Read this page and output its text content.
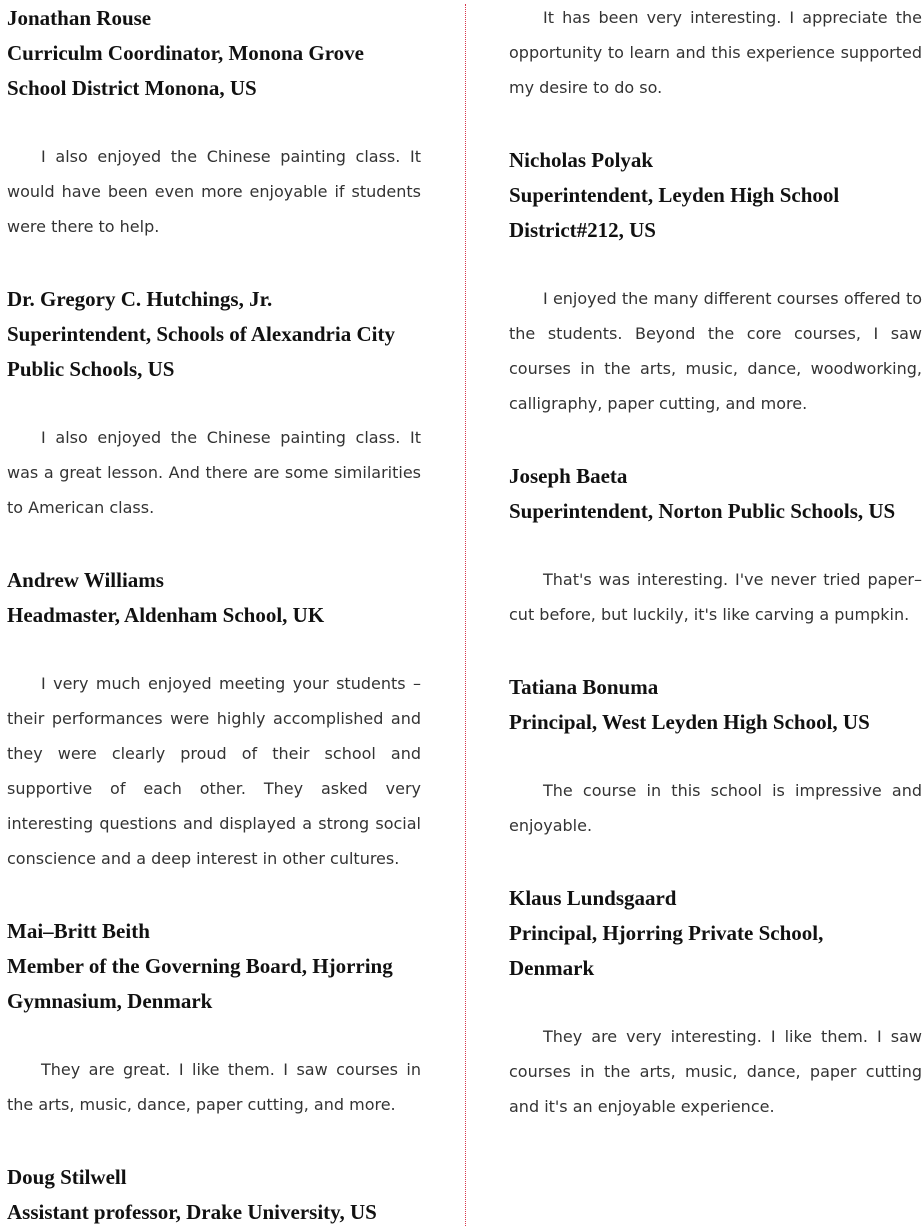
Jonathan Rouse
Curriculm Coordinator, Monona Grove
School District Monona, US

I also enjoyed the Chinese painting class. It would have been even more enjoyable if students were there to help.

Dr. Gregory C. Hutchings, Jr.
Superintendent, Schools of Alexandria City
Public Schools, US

I also enjoyed the Chinese painting class. It was a great lesson. And there are some similarities to American class.

Andrew Williams
Headmaster, Aldenham School, UK

I very much enjoyed meeting your students – their performances were highly accomplished and they were clearly proud of their school and supportive of each other. They asked very interesting questions and displayed a strong social conscience and a deep interest in other cultures.

Mai–Britt Beith
Member of the Governing Board, Hjorring
Gymnasium, Denmark

They are great. I like them. I saw courses in the arts, music, dance, paper cutting, and more.

Doug Stilwell
Assistant professor, Drake University, US

It has been very interesting. I appreciate the opportunity to learn and this experience supported my desire to do so.

Nicholas Polyak
Superintendent, Leyden High School
District#212, US

I enjoyed the many different courses offered to the students. Beyond the core courses, I saw courses in the arts, music, dance, woodworking, calligraphy, paper cutting, and more.

Joseph Baeta
Superintendent, Norton Public Schools, US

That's was interesting. I've never tried paper–cut before, but luckily, it's like carving a pumpkin.

Tatiana Bonuma
Principal, West Leyden High School, US

The course in this school is impressive and enjoyable.

Klaus Lundsgaard
Principal, Hjorring Private School,
Denmark

They are very interesting. I like them. I saw courses in the arts, music, dance, paper cutting and it's an enjoyable experience.
